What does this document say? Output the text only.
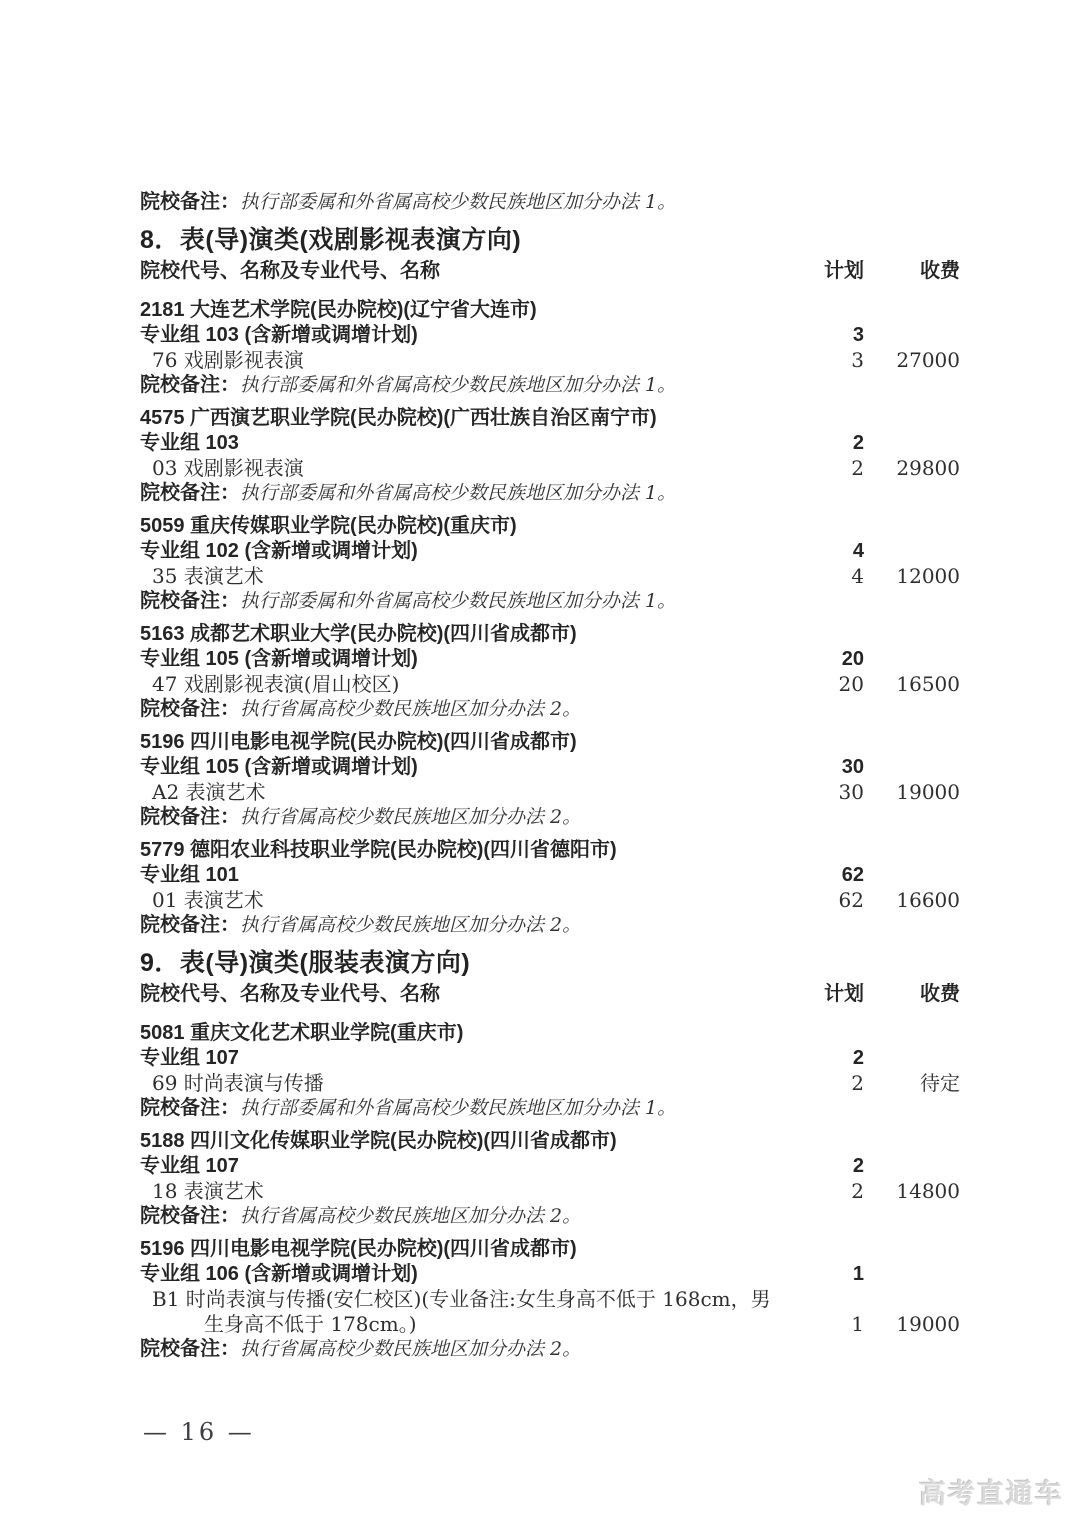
院校备注：执行部委属和外省属高校少数民族地区加分办法 1。
8．表(导)演类(戏剧影视表演方向)
院校代号、名称及专业代号、名称	计划	收费
2181 大连艺术学院(民办院校)(辽宁省大连市)
专业组 103 (含新增或调增计划)	3
76 戏剧影视表演	3	27000
院校备注：执行部委属和外省属高校少数民族地区加分办法 1。
4575 广西演艺职业学院(民办院校)(广西壮族自治区南宁市)
专业组 103	2
03 戏剧影视表演	2	29800
院校备注：执行部委属和外省属高校少数民族地区加分办法 1。
5059 重庆传媒职业学院(民办院校)(重庆市)
专业组 102 (含新增或调增计划)	4
35 表演艺术	4	12000
院校备注：执行部委属和外省属高校少数民族地区加分办法 1。
5163 成都艺术职业大学(民办院校)(四川省成都市)
专业组 105 (含新增或调增计划)	20
47 戏剧影视表演(眉山校区)	20	16500
院校备注：执行省属高校少数民族地区加分办法 2。
5196 四川电影电视学院(民办院校)(四川省成都市)
专业组 105 (含新增或调增计划)	30
A2 表演艺术	30	19000
院校备注：执行省属高校少数民族地区加分办法 2。
5779 德阳农业科技职业学院(民办院校)(四川省德阳市)
专业组 101	62
01 表演艺术	62	16600
院校备注：执行省属高校少数民族地区加分办法 2。
9．表(导)演类(服装表演方向)
院校代号、名称及专业代号、名称	计划	收费
5081 重庆文化艺术职业学院(重庆市)
专业组 107	2
69 时尚表演与传播	2	待定
院校备注：执行部委属和外省属高校少数民族地区加分办法 1。
5188 四川文化传媒职业学院(民办院校)(四川省成都市)
专业组 107	2
18 表演艺术	2	14800
院校备注：执行省属高校少数民族地区加分办法 2。
5196 四川电影电视学院(民办院校)(四川省成都市)
专业组 106 (含新增或调增计划)	1
B1 时尚表演与传播(安仁校区)(专业备注:女生身高不低于 168cm，男生身高不低于 178cm。)	1	19000
院校备注：执行省属高校少数民族地区加分办法 2。
— 16 —
高考直通车
